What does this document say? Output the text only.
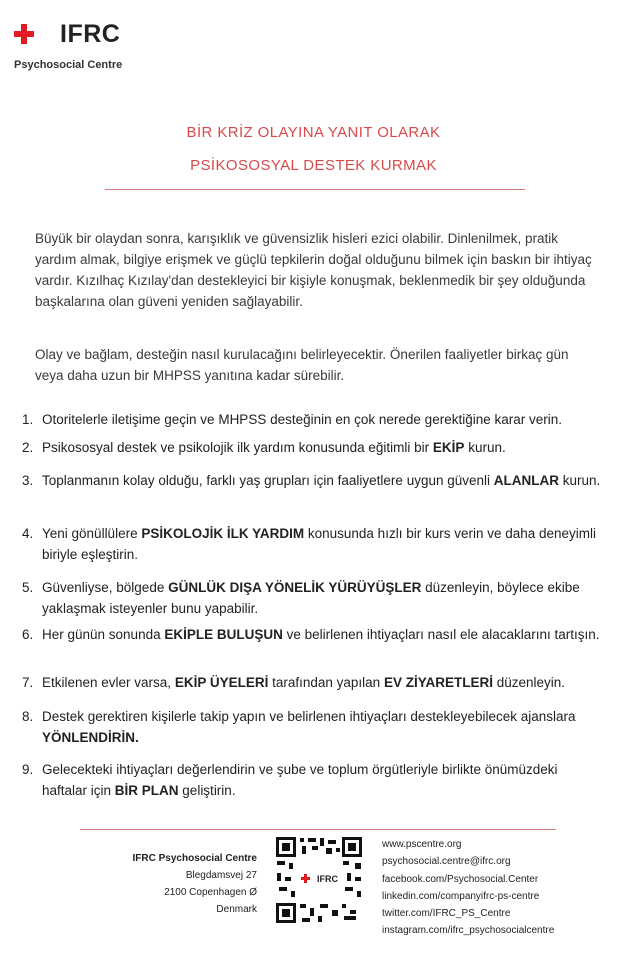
IFRC
Psychosocial Centre
BİR KRİZ OLAYINA YANIT OLARAK
PSİKOSOSYAL DESTEK KURMAK
Büyük bir olaydan sonra, karışıklık ve güvensizlik hisleri ezici olabilir. Dinlenilmek, pratik yardım almak, bilgiye erişmek ve güçlü tepkilerin doğal olduğunu bilmek için baskın bir ihtiyaç vardır. Kızılhaç Kızılay'dan destekleyici bir kişiyle konuşmak, beklenmedik bir şey olduğunda başkalarına olan güveni yeniden sağlayabilir.
Olay ve bağlam, desteğin nasıl kurulacağını belirleyecektir. Önerilen faaliyetler birkaç gün veya daha uzun bir MHPSS yanıtına kadar sürebilir.
1. Otoritelerle iletişime geçin ve MHPSS desteğinin en çok nerede gerektiğine karar verin.
2. Psikososyal destek ve psikolojik ilk yardım konusunda eğitimli bir EKİP kurun.
3. Toplanmanın kolay olduğu, farklı yaş grupları için faaliyetlere uygun güvenli ALANLAR kurun.
4. Yeni gönüllülere PSİKOLOJİK İLK YARDIM konusunda hızlı bir kurs verin ve daha deneyimli biriyle eşleştirin.
5. Güvenliyse, bölgede GÜNLÜK DIŞA YÖNELİK YÜRÜYÜŞLER düzenleyin, böylece ekibe yaklaşmak isteyenler bunu yapabilir.
6. Her günün sonunda EKİPLE BULUŞUN ve belirlenen ihtiyaçları nasıl ele alacaklarını tartışın.
7. Etkilenen evler varsa, EKİP ÜYELERİ tarafından yapılan EV ZİYARETLERİ düzenleyin.
8. Destek gerektiren kişilerle takip yapın ve belirlenen ihtiyaçları destekleyebilecek ajanslara YÖNLENDİRİN.
9. Gelecekteki ihtiyaçları değerlendirin ve şube ve toplum örgütleriyle birlikte önümüzdeki haftalar için BİR PLAN geliştirin.
IFRC Psychosocial Centre
Blegdamsvej 27
2100 Copenhagen Ø
Denmark
IFRC
www.pscentre.org
psychosocial.centre@ifrc.org
facebook.com/Psychosocial.Center
linkedin.com/companyifrc-ps-centre
twitter.com/IFRC_PS_Centre
instagram.com/ifrc_psychosocialcentre
